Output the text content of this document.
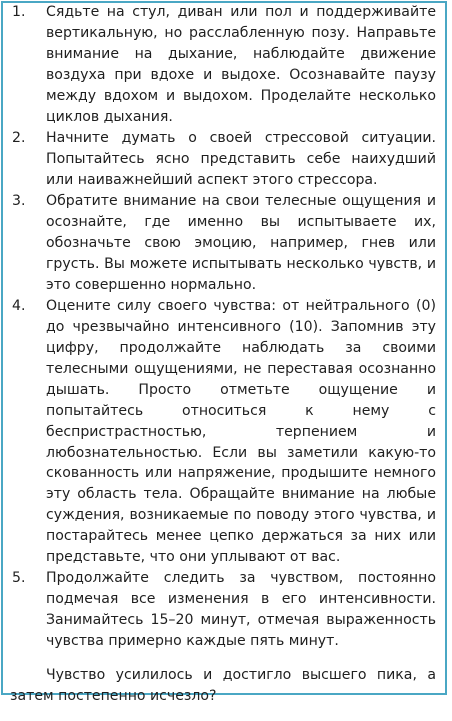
1.	Сядьте на стул, диван или пол и поддерживайте вертикальную, но расслабленную позу. Направьте внимание на дыхание, наблюдайте движение воздуха при вдохе и выдохе. Осознавайте паузу между вдохом и выдохом. Проделайте несколько циклов дыхания.
2.	Начните думать о своей стрессовой ситуации. Попытайтесь ясно представить себе наихудший или наиважнейший аспект этого стрессора.
3.	Обратите внимание на свои телесные ощущения и осознайте, где именно вы испытываете их, обозначьте свою эмоцию, например, гнев или грусть. Вы можете испытывать несколько чувств, и это совершенно нормально.
4.	Оцените силу своего чувства: от нейтрального (0) до чрезвычайно интенсивного (10). Запомнив эту цифру, продолжайте наблюдать за своими телесными ощущениями, не переставая осознанно дышать. Просто отметьте ощущение и попытайтесь относиться к нему с беспристрастностью, терпением и любознательностью. Если вы заметили какую-то скованность или напряжение, продышите немного эту область тела. Обращайте внимание на любые суждения, возникаемые по поводу этого чувства, и постарайтесь менее цепко держаться за них или представьте, что они уплывают от вас.
5.	Продолжайте следить за чувством, постоянно подмечая все изменения в его интенсивности. Занимайтесь 15–20 минут, отмечая выраженность чувства примерно каждые пять минут.

Чувство усилилось и достигло высшего пика, а затем постепенно исчезло?
